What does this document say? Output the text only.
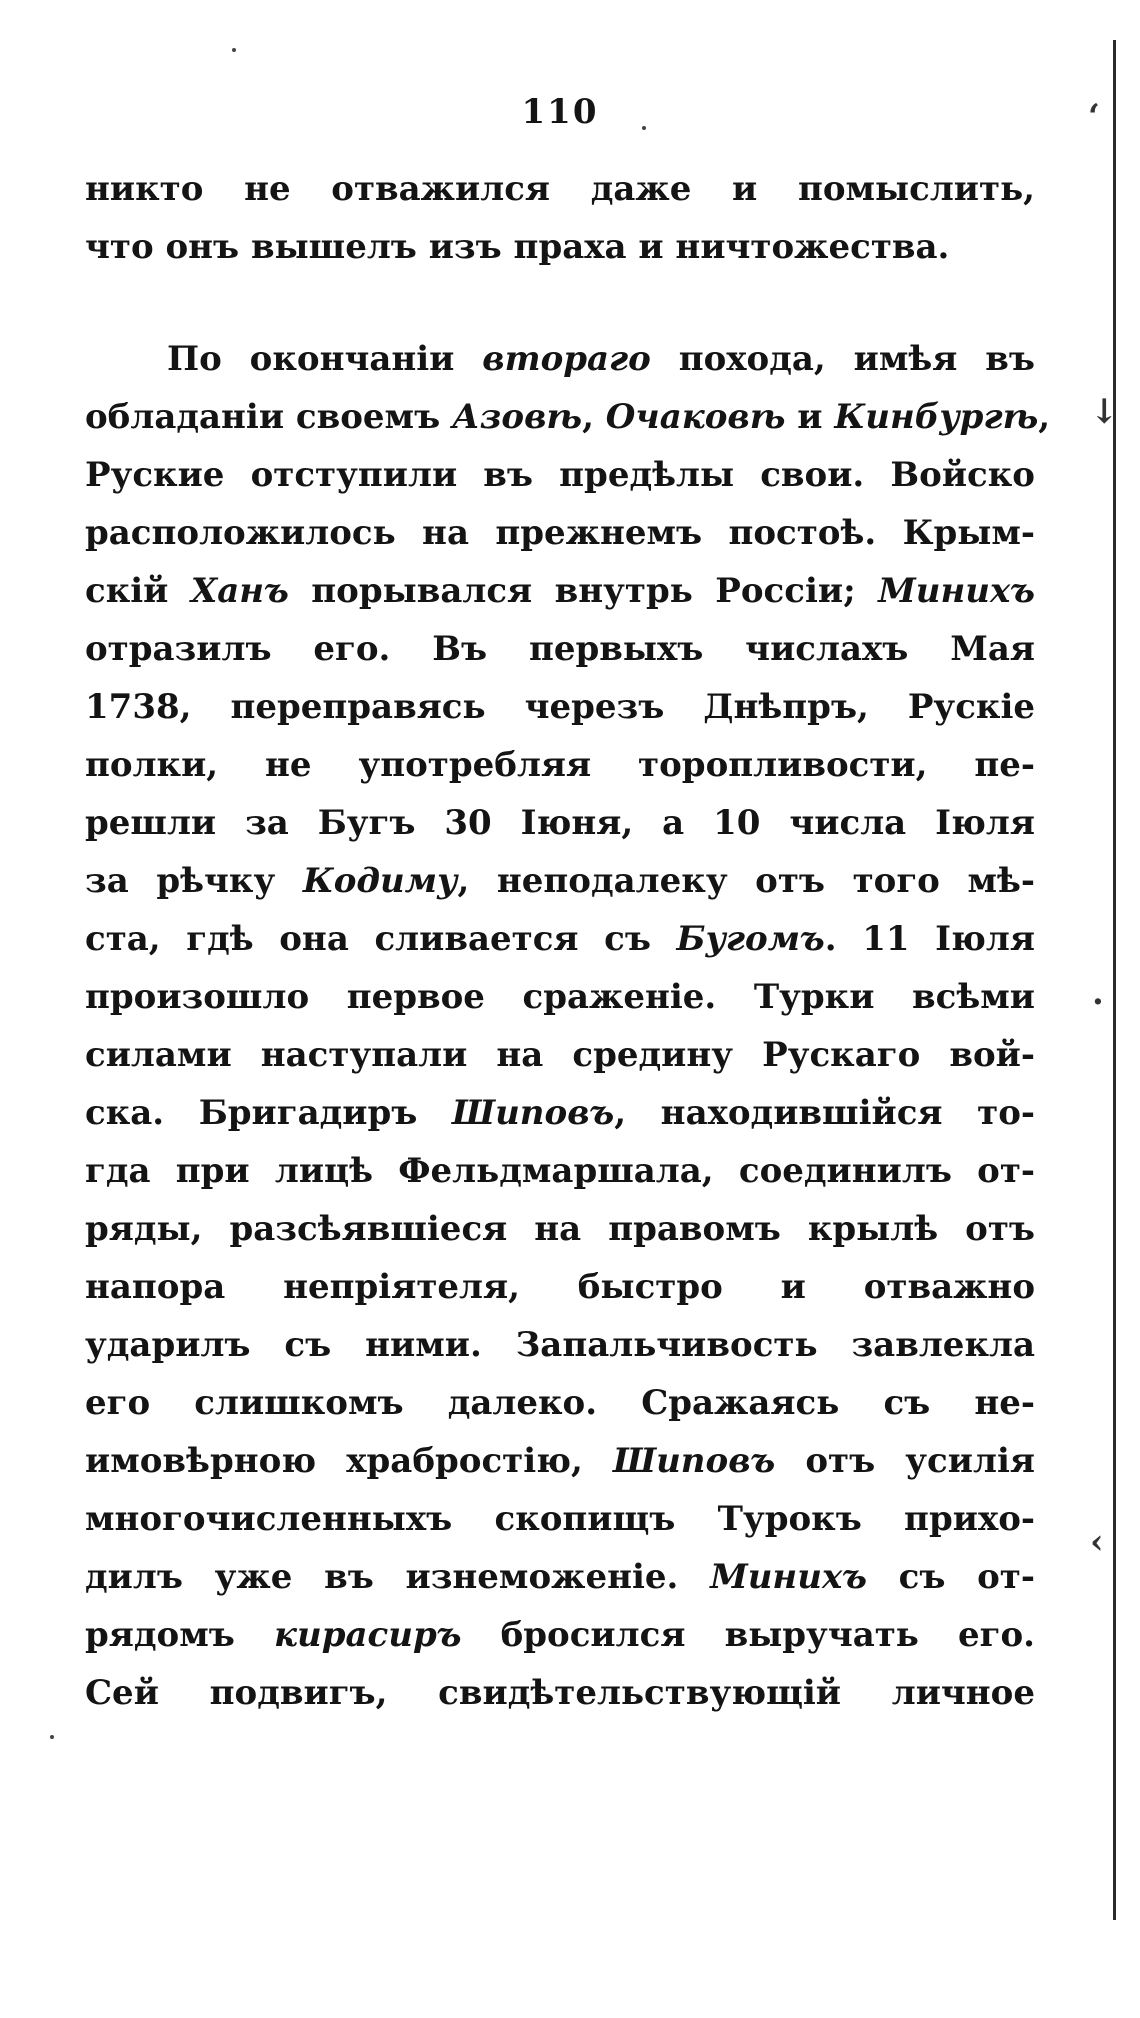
110
никто не отважился даже и помыслить,
что онъ вышелъ изъ праха и ничтожества.
По окончаніи втораго похода, имѣя въ
обладаніи своемъ Азовѣ, Очаковѣ и Кинбургѣ,
Руские отступили въ предѣлы свои. Войско
расположилось на прежнемъ постоѣ. Крым-
скій Ханъ порывался внутрь Россіи; Минихъ
отразилъ его. Въ первыхъ числахъ Мая
1738, переправясь черезъ Днѣпръ, Рускіе
полки, не употребляя торопливости, пе-
решли за Бугъ 30 Іюня, а 10 числа Іюля
за рѣчку Кодиму, неподалеку отъ того мѣ-
ста, гдѣ она сливается съ Бугомъ. 11 Іюля
произошло первое сраженіе. Турки всѣми
силами наступали на средину Рускаго вой-
ска. Бригадиръ Шиповъ, находившійся то-
гда при лицѣ Фельдмаршала, соединилъ от-
ряды, разсѣявшіеся на правомъ крылѣ отъ
напора непріятеля, быстро и отважно
ударилъ съ ними. Запальчивость завлекла
его слишкомъ далеко. Сражаясь съ не-
имовѣрною храбростію, Шиповъ отъ усилія
многочисленныхъ скопищъ Турокъ прихо-
дилъ уже въ изнеможеніе. Минихъ съ от-
рядомъ кирасиръ бросился выручать его.
Сей подвигъ, свидѣтельствующій личное
ʻ
↓
·
‹
